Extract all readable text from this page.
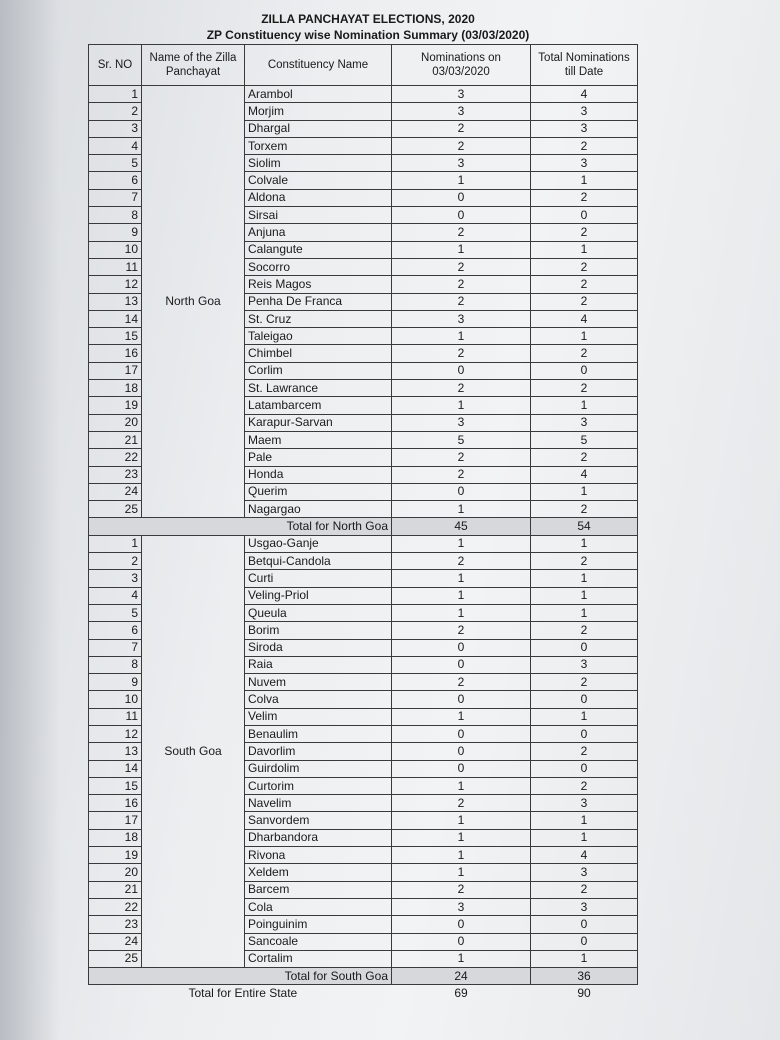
ZILLA PANCHAYAT ELECTIONS, 2020
ZP Constituency wise Nomination Summary (03/03/2020)
Sr. NO	Name of the Zilla Panchayat	Constituency Name	Nominations on 03/03/2020	Total Nominations till Date
1		Arambol	3	4
2		Morjim	3	3
3		Dhargal	2	3
4		Torxem	2	2
5		Siolim	3	3
6		Colvale	1	1
7		Aldona	0	2
8		Sirsai	0	0
9		Anjuna	2	2
10		Calangute	1	1
11		Socorro	2	2
12		Reis Magos	2	2
13	North Goa	Penha De Franca	2	2
14		St. Cruz	3	4
15		Taleigao	1	1
16		Chimbel	2	2
17		Corlim	0	0
18		St. Lawrance	2	2
19		Latambarcem	1	1
20		Karapur-Sarvan	3	3
21		Maem	5	5
22		Pale	2	2
23		Honda	2	4
24		Querim	0	1
25		Nagargao	1	2
Total for North Goa			45	54
1		Usgao-Ganje	1	1
2		Betqui-Candola	2	2
3		Curti	1	1
4		Veling-Priol	1	1
5		Queula	1	1
6		Borim	2	2
7		Siroda	0	0
8		Raia	0	3
9		Nuvem	2	2
10		Colva	0	0
11		Velim	1	1
12		Benaulim	0	0
13	South Goa	Davorlim	0	2
14		Guirdolim	0	0
15		Curtorim	1	2
16		Navelim	2	3
17		Sanvordem	1	1
18		Dharbandora	1	1
19		Rivona	1	4
20		Xeldem	1	3
21		Barcem	2	2
22		Cola	3	3
23		Poinguinim	0	0
24		Sancoale	0	0
25		Cortalim	1	1
Total for South Goa			24	36
Total for Entire State			69	90
